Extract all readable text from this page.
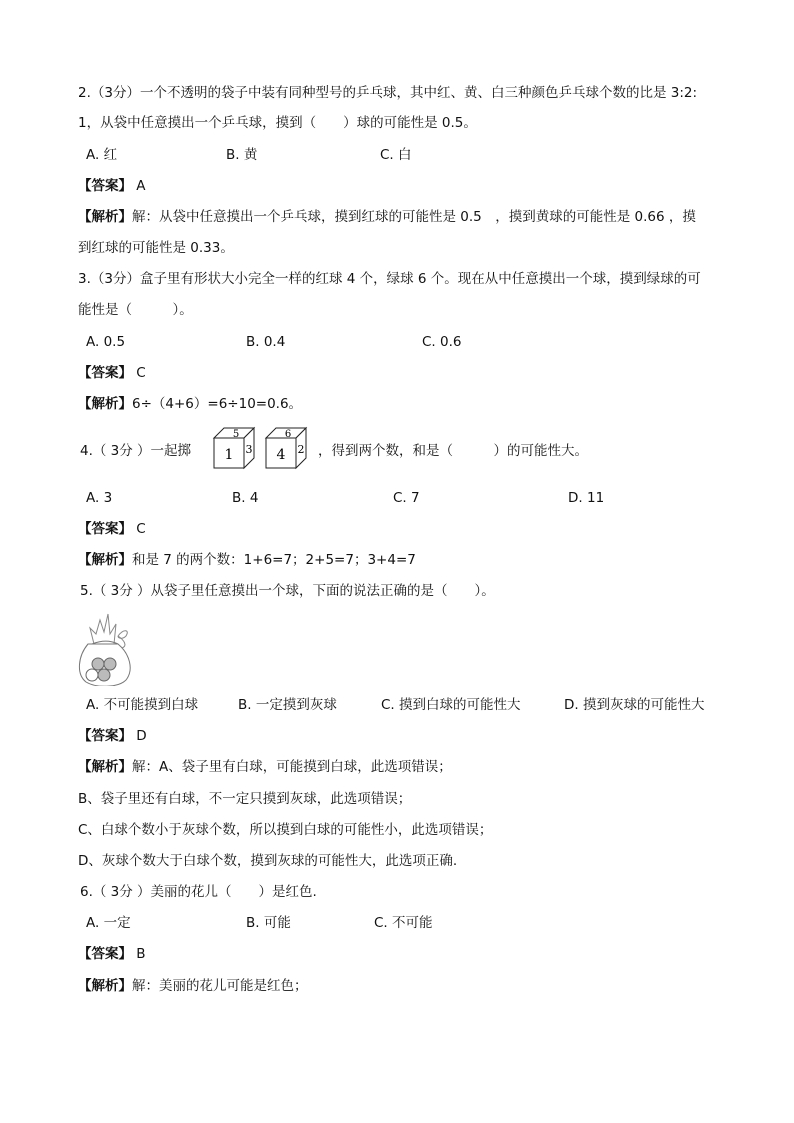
2.（3分）一个不透明的袋子中装有同种型号的乒乓球，其中红、黄、白三种颜色乒乓球个数的比是 3:2:
1，从袋中任意摸出一个乒乓球，摸到（　　）球的可能性是 0.5。
A. 红	B. 黄	C. 白
【答案】 A
【解析】解：从袋中任意摸出一个乒乓球，摸到红球的可能性是 0.5　，摸到黄球的可能性是 0.66 ，摸
到红球的可能性是 0.33。
3.（3分）盒子里有形状大小完全一样的红球 4 个，绿球 6 个。现在从中任意摸出一个球，摸到绿球的可
能性是（　　　）。
A. 0.5	B. 0.4	C. 0.6
【答案】 C
【解析】6÷（4+6）=6÷10=0.6。
4.（ 3分 ）一起掷 1
5
3 4
6
2 ，得到两个数，和是（　　　）的可能性大。
A. 3	B. 4	C. 7	D. 11
【答案】 C
【解析】和是 7 的两个数：1+6=7；2+5=7；3+4=7
5.（ 3分 ）从袋子里任意摸出一个球，下面的说法正确的是（　　）。
A. 不可能摸到白球	B. 一定摸到灰球	C. 摸到白球的可能性大	D. 摸到灰球的可能性大
【答案】 D
【解析】解：A、袋子里有白球，可能摸到白球，此选项错误；
B、袋子里还有白球，不一定只摸到灰球，此选项错误；
C、白球个数小于灰球个数，所以摸到白球的可能性小，此选项错误；
D、灰球个数大于白球个数，摸到灰球的可能性大，此选项正确.
6.（ 3分 ）美丽的花儿（　　）是红色.
A. 一定	B. 可能	C. 不可能
【答案】 B
【解析】解：美丽的花儿可能是红色；
